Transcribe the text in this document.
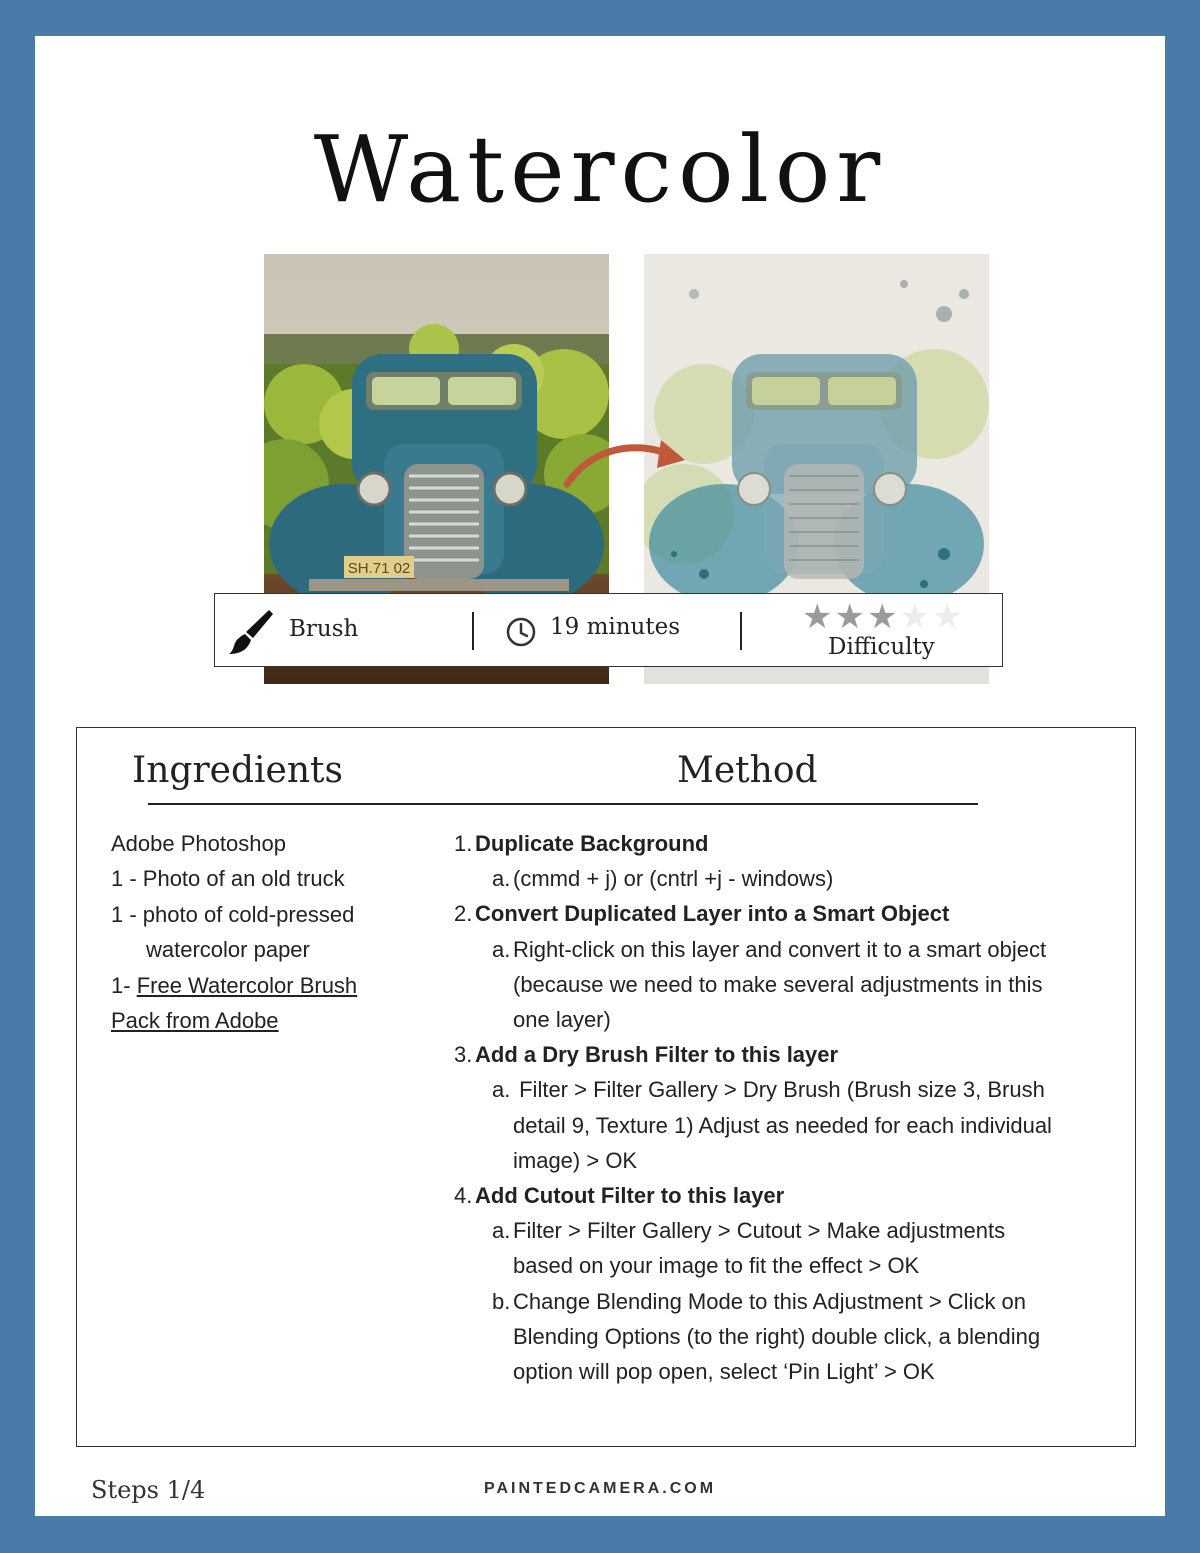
Watercolor
SH.71 02
Brush	19 minutes	★ ★ ★ ★ ★
Difficulty
Ingredients	Method
Adobe Photoshop
1 - Photo of an old truck
1 - photo of cold-pressed
watercolor paper
1- Free Watercolor Brush
Pack from Adobe
1. Duplicate Background
a. (cmmd + j) or (cntrl +j - windows)
2. Convert Duplicated Layer into a Smart Object
a. Right-click on this layer and convert it to a smart object
(because we need to make several adjustments in this
one layer)
3. Add a Dry Brush Filter to this layer
a. Filter > Filter Gallery > Dry Brush (Brush size 3, Brush
detail 9, Texture 1) Adjust as needed for each individual
image) > OK
4. Add Cutout Filter to this layer
a. Filter > Filter Gallery > Cutout > Make adjustments
based on your image to fit the effect > OK
b. Change Blending Mode to this Adjustment > Click on
Blending Options (to the right) double click, a blending
option will pop open, select ‘Pin Light’ > OK
Steps 1/4	PAINTEDCAMERA.COM
